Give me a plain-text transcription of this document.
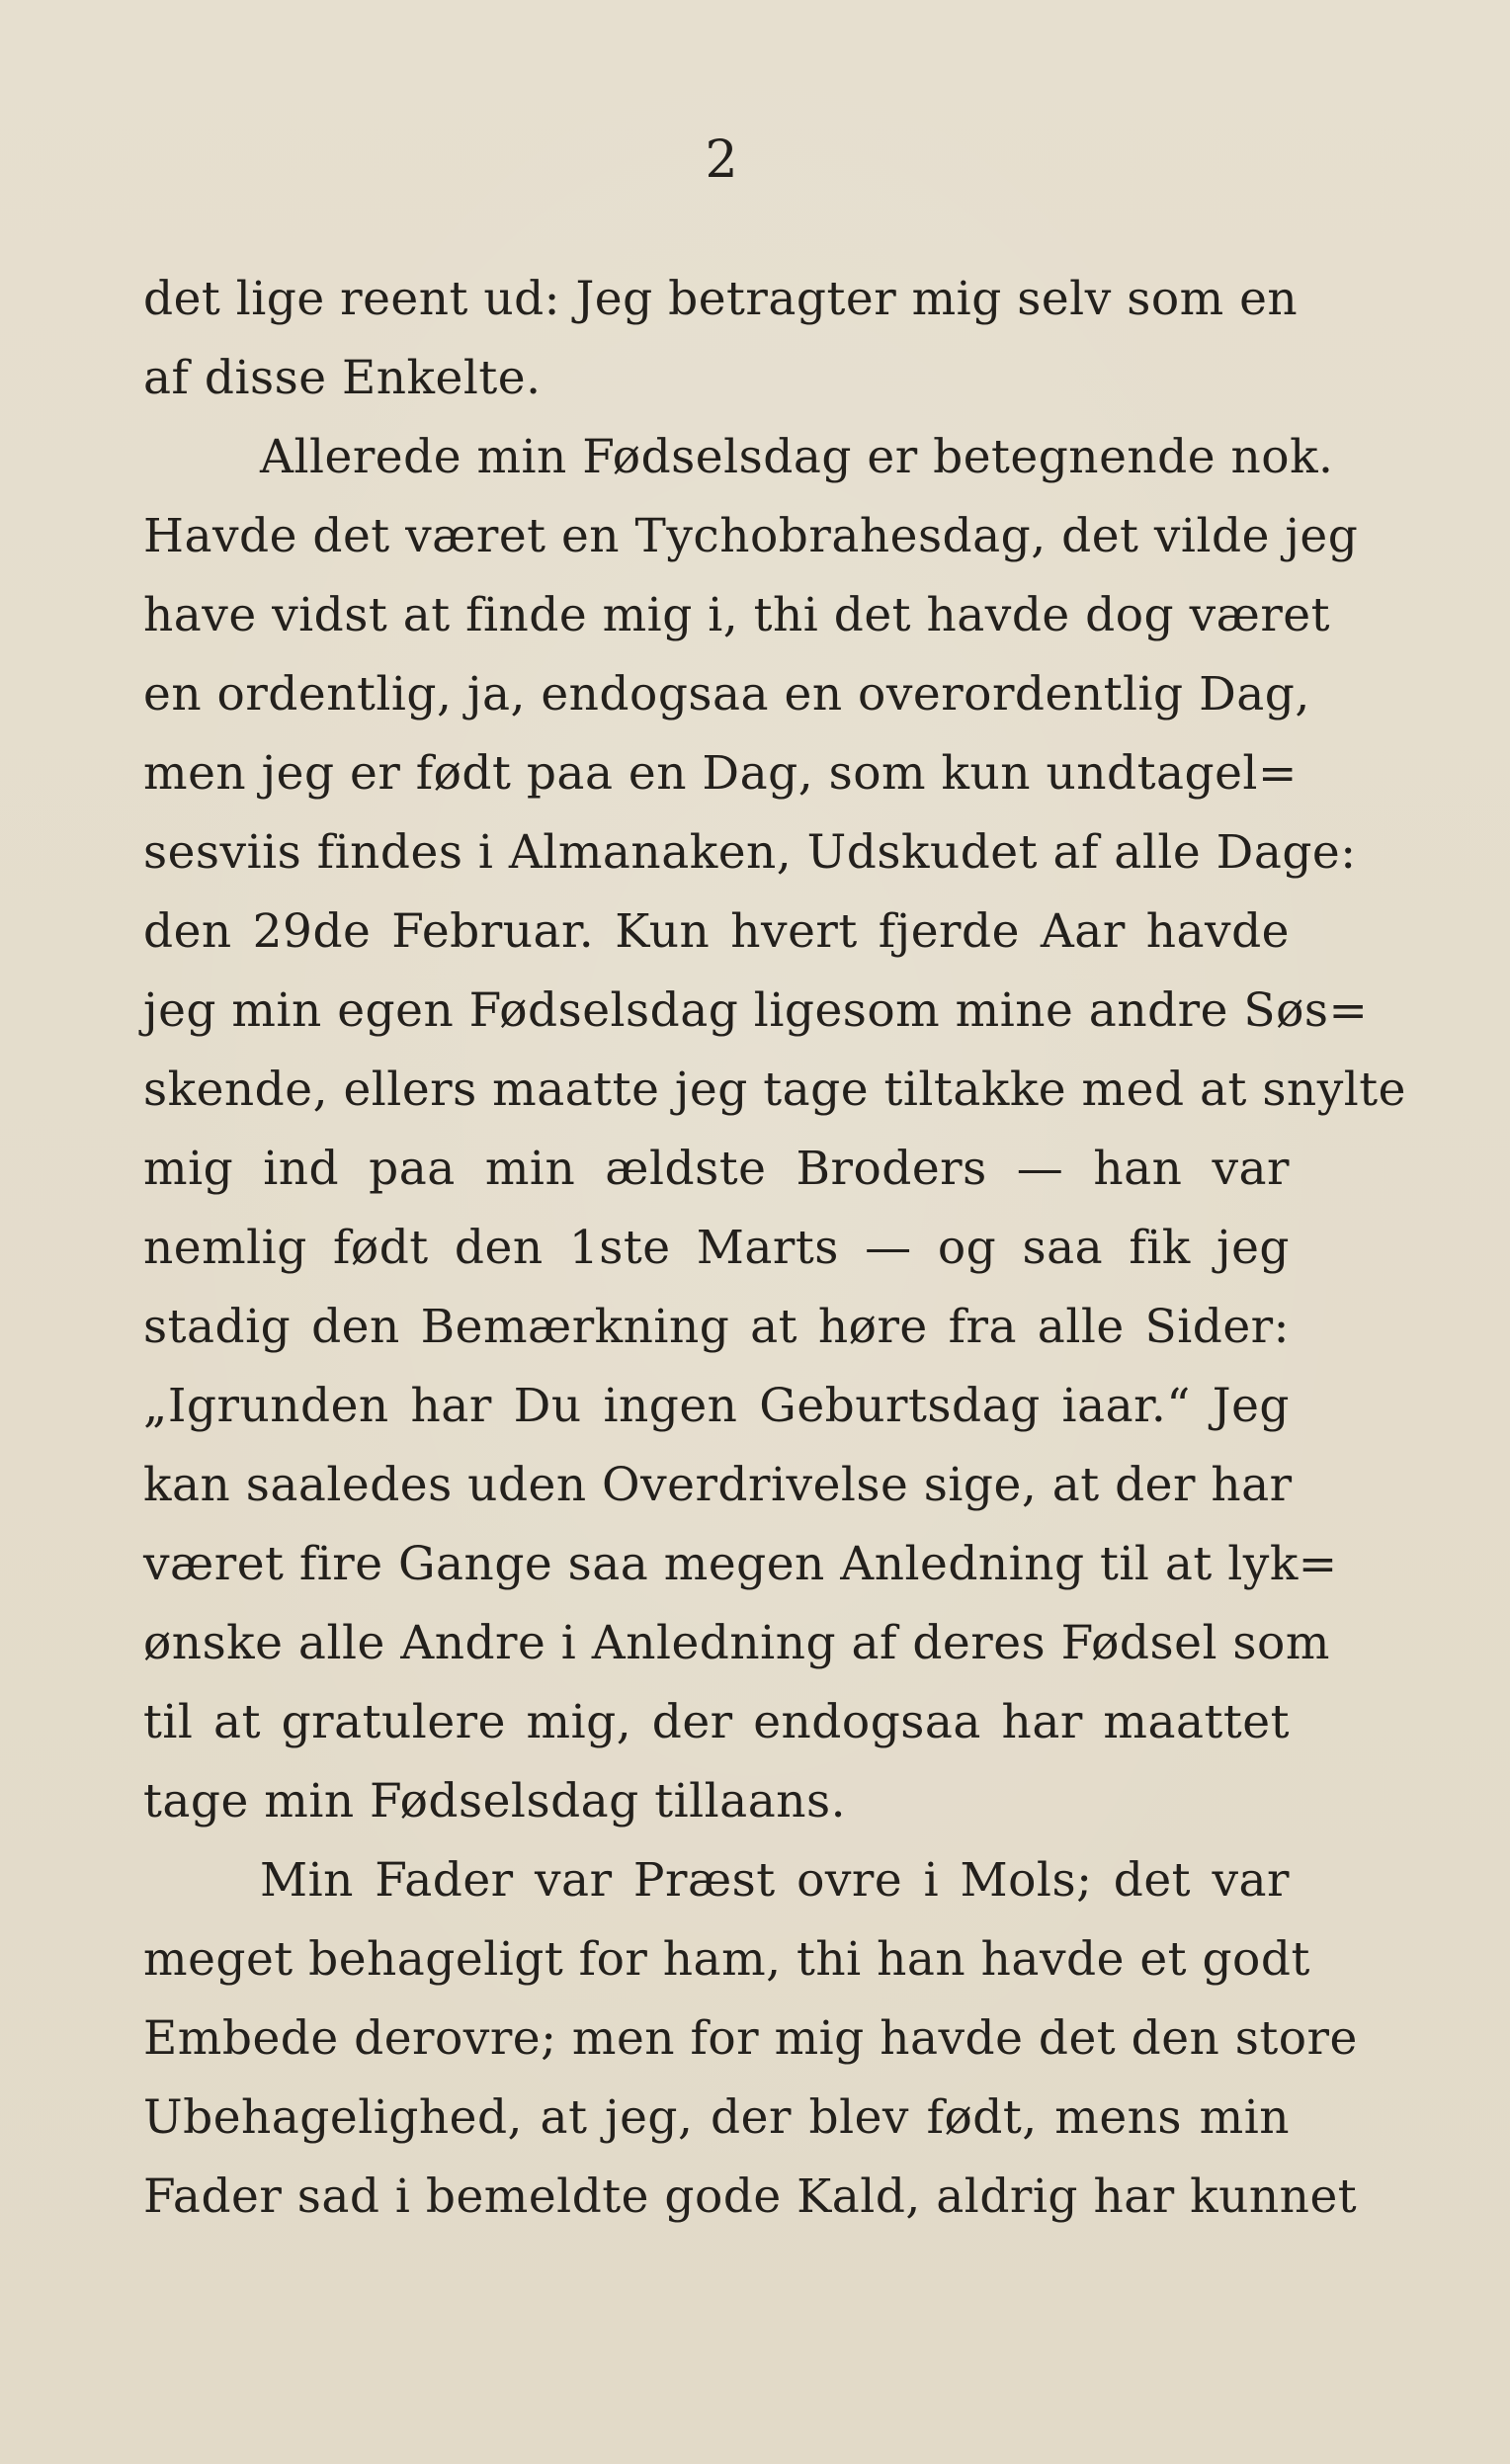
2
det lige reent ud: Jeg betragter mig selv som en
af disse Enkelte.
Allerede min Fødselsdag er betegnende nok.
Havde det været en Tychobrahesdag, det vilde jeg
have vidst at finde mig i, thi det havde dog været
en ordentlig, ja, endogsaa en overordentlig Dag,
men jeg er født paa en Dag, som kun undtagel=
sesviis findes i Almanaken, Udskudet af alle Dage:
den 29de Februar. Kun hvert fjerde Aar havde
jeg min egen Fødselsdag ligesom mine andre Søs=
skende, ellers maatte jeg tage tiltakke med at snylte
mig ind paa min ældste Broders — han var
nemlig født den 1ste Marts — og saa fik jeg
stadig den Bemærkning at høre fra alle Sider:
„Igrunden har Du ingen Geburtsdag iaar.“ Jeg
kan saaledes uden Overdrivelse sige, at der har
været fire Gange saa megen Anledning til at lyk=
ønske alle Andre i Anledning af deres Fødsel som
til at gratulere mig, der endogsaa har maattet
tage min Fødselsdag tillaans.
Min Fader var Præst ovre i Mols; det var
meget behageligt for ham, thi han havde et godt
Embede derovre; men for mig havde det den store
Ubehagelighed, at jeg, der blev født, mens min
Fader sad i bemeldte gode Kald, aldrig har kunnet
